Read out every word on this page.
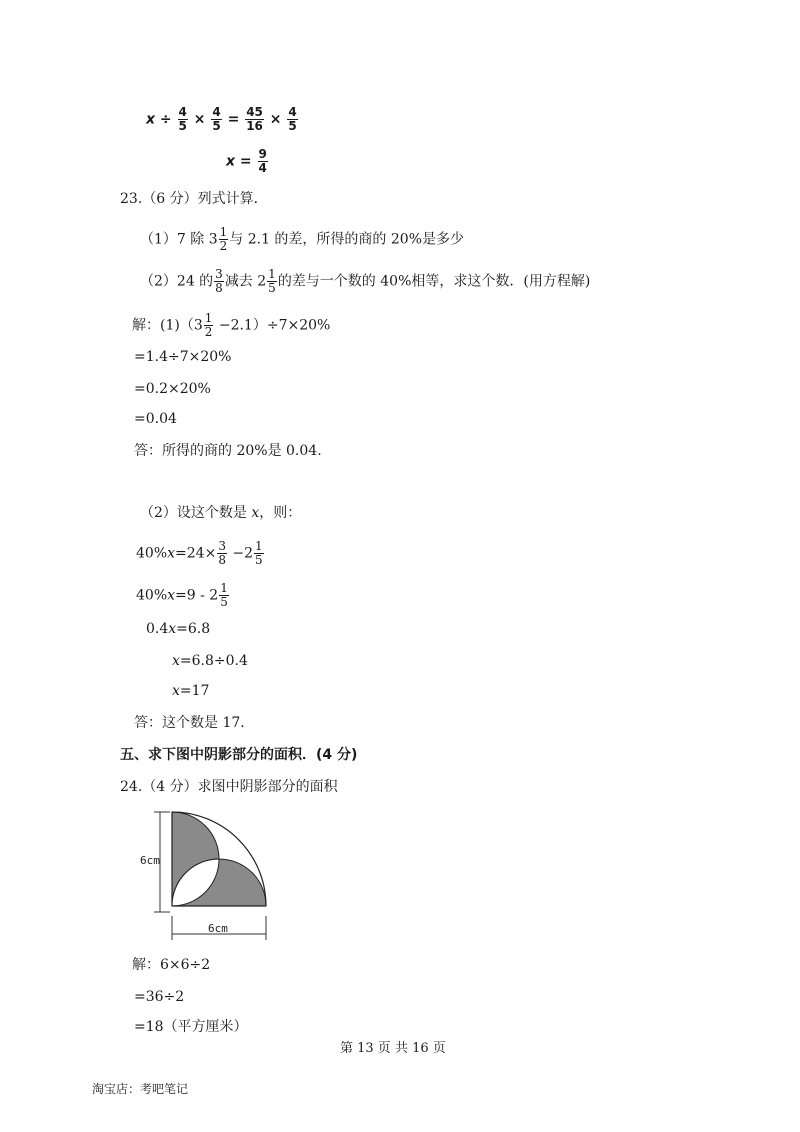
$x \div \frac{4}{5} \times \frac{4}{5} = \frac{45}{16} \times \frac{4}{5}$
$x = \frac{9}{4}$
23.（6 分）列式计算．
（1）7 除 $3 \frac{1}{2}$ 与 2.1 的差，所得的商的 20%是多少
（2）24 的 $\frac{3}{8}$ 减去 $2 \frac{1}{5}$ 的差与一个数的 40%相等，求这个数．(用方程解)
解：$(1)(3 \frac{1}{2} -2.1)\div 7\times 20\%$
=1.4÷7×20%
=0.2×20%
=0.04
答：所得的商的 20%是 0.04.
（2）设这个数是 x，则：
$40\%x=24\times \frac{3}{8} -2 \frac{1}{5}$
$40\%x=9 - 2 \frac{1}{5}$
0.4x=6.8
x=6.8÷0.4
x=17
答：这个数是 17.
五、求下图中阴影部分的面积．(4 分)
24.（4 分）求图中阴影部分的面积
6cm
6cm
解：6×6÷2
=36÷2
=18（平方厘米）
第 13 页 共 16 页
淘宝店：考吧笔记
